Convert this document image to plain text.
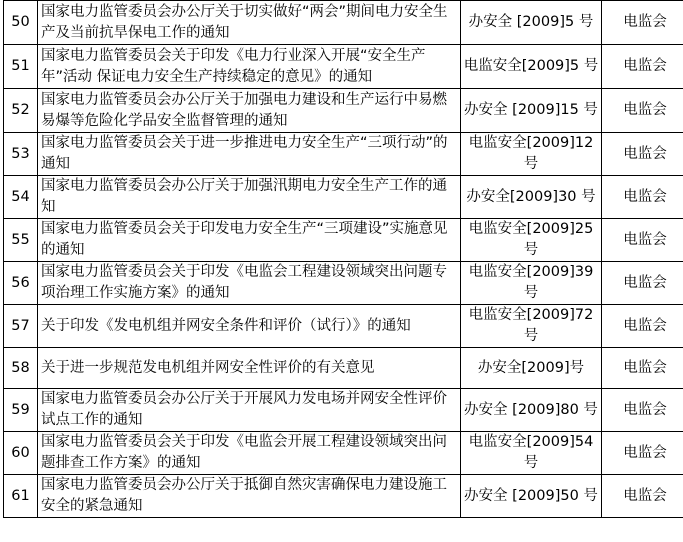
50	国家电力监管委员会办公厅关于切实做好“两会”期间电力安全生产及当前抗旱保电工作的通知	办安全 [2009]5 号	电监会
51	国家电力监管委员会关于印发《电力行业深入开展“安全生产年”活动 保证电力安全生产持续稳定的意见》的通知	电监安全[2009]5 号	电监会
52	国家电力监管委员会办公厅关于加强电力建设和生产运行中易燃易爆等危险化学品安全监督管理的通知	办安全 [2009]15 号	电监会
53	国家电力监管委员会关于进一步推进电力安全生产“三项行动”的通知	电监安全[2009]12 号	电监会
54	国家电力监管委员会办公厅关于加强汛期电力安全生产工作的通知	办安全[2009]30 号	电监会
55	国家电力监管委员会关于印发电力安全生产“三项建设”实施意见的通知	电监安全[2009]25 号	电监会
56	国家电力监管委员会关于印发《电监会工程建设领域突出问题专项治理工作实施方案》的通知	电监安全[2009]39 号	电监会
57	关于印发《发电机组并网安全条件和评价（试行）》的通知	电监安全[2009]72 号	电监会
58	关于进一步规范发电机组并网安全性评价的有关意见	办安全[2009]号	电监会
59	国家电力监管委员会办公厅关于开展风力发电场并网安全性评价试点工作的通知	办安全 [2009]80 号	电监会
60	国家电力监管委员会关于印发《电监会开展工程建设领域突出问题排查工作方案》的通知	电监安全[2009]54 号	电监会
61	国家电力监管委员会办公厅关于抵御自然灾害确保电力建设施工安全的紧急通知	办安全 [2009]50 号	电监会
